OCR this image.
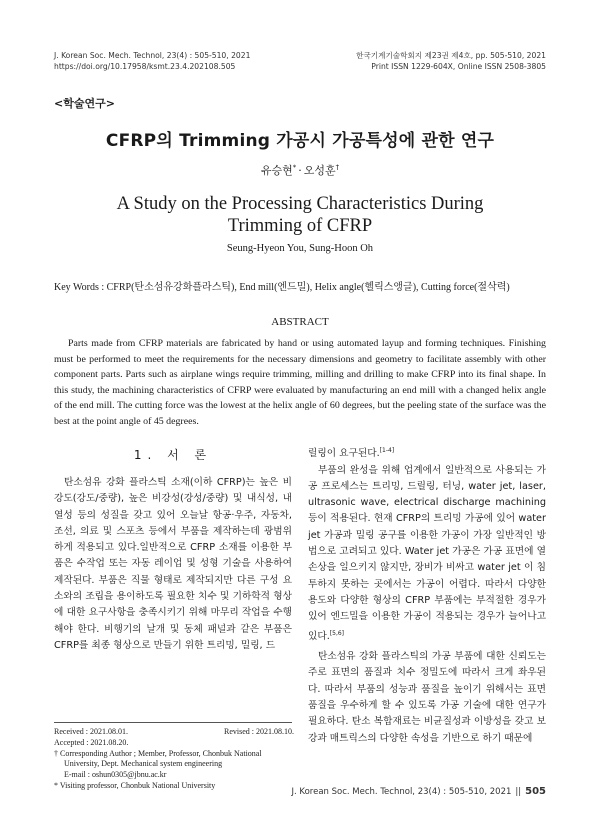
J. Korean Soc. Mech. Technol, 23(4) : 505-510, 2021
https://doi.org/10.17958/ksmt.23.4.202108.505
한국기계기술학회지 제23권 제4호, pp. 505-510, 2021
Print ISSN 1229-604X, Online ISSN 2508-3805
<학술연구>
CFRP의 Trimming 가공시 가공특성에 관한 연구
유승현* · 오성훈†
A Study on the Processing Characteristics During
Trimming of CFRP
Seung-Hyeon You, Sung-Hoon Oh
Key Words : CFRP(탄소섬유강화플라스틱), End mill(엔드밀), Helix angle(헬릭스앵글), Cutting force(절삭력)
ABSTRACT

Parts made from CFRP materials are fabricated by hand or using automated layup and forming techniques. Finishing must be performed to meet the requirements for the necessary dimensions and geometry to facilitate assembly with other component parts. Parts such as airplane wings require trimming, milling and drilling to make CFRP into its final shape. In this study, the machining characteristics of CFRP were evaluated by manufacturing an end mill with a changed helix angle of the end mill. The cutting force was the lowest at the helix angle of 60 degrees, but the peeling state of the surface was the best at the point angle of 45 degrees.

1. 서 론

탄소섬유 강화 플라스틱 소재(이하 CFRP)는 높은 비강도(강도/중량), 높은 비강성(강성/중량) 및 내식성, 내열성 등의 성질을 갖고 있어 오늘날 항공·우주, 자동차, 조선, 의료 및 스포츠 등에서 부품을 제작하는데 광범위하게 적용되고 있다.일반적으로 CFRP 소재를 이용한 부품은 수작업 또는 자동 레이업 및 성형 기술을 사용하여 제작된다. 부품은 직물 형태로 제작되지만 다른 구성 요소와의 조립을 용이하도록 필요한 치수 및 기하학적 형상에 대한 요구사항을 충족시키기 위해 마무리 작업을 수행해야 한다. 비행기의 날개 및 동체 패널과 같은 부품은 CFRP를 최종 형상으로 만들기 위한 트리밍, 밀링, 드

릴링이 요구된다.[1-4]

부품의 완성을 위해 업계에서 일반적으로 사용되는 가공 프로세스는 트리밍, 드릴링, 터닝, water jet, laser, ultrasonic wave, electrical discharge machining 등이 적용된다. 현재 CFRP의 트리밍 가공에 있어 water jet 가공과 밀링 공구를 이용한 가공이 가장 일반적인 방법으로 고려되고 있다. Water jet 가공은 가공 표면에 열 손상을 일으키지 않지만, 장비가 비싸고 water jet 이 침투하지 못하는 곳에서는 가공이 어렵다. 따라서 다양한 용도와 다양한 형상의 CFRP 부품에는 부적절한 경우가 있어 엔드밀을 이용한 가공이 적용되는 경우가 늘어나고 있다.[5,6]

탄소섬유 강화 플라스틱의 가공 부품에 대한 신뢰도는 주로 표면의 품질과 치수 정밀도에 따라서 크게 좌우된다. 따라서 부품의 성능과 품질을 높이기 위해서는 표면 품질을 우수하게 할 수 있도록 가공 기술에 대한 연구가 필요하다. 탄소 복합재료는 비균질성과 이방성을 갖고 보강과 매트릭스의 다양한 속성을 기반으로 하기 때문에

Received : 2021.08.01.	Revised : 2021.08.10.
Accepted : 2021.08.20.
† Corresponding Author ; Member, Professor, Chonbuk National
University, Dept. Mechanical system engineering
E-mail : oshun0305@jbnu.ac.kr
* Visiting professor, Chonbuk National University
J. Korean Soc. Mech. Technol, 23(4) : 505-510, 2021 || 505
